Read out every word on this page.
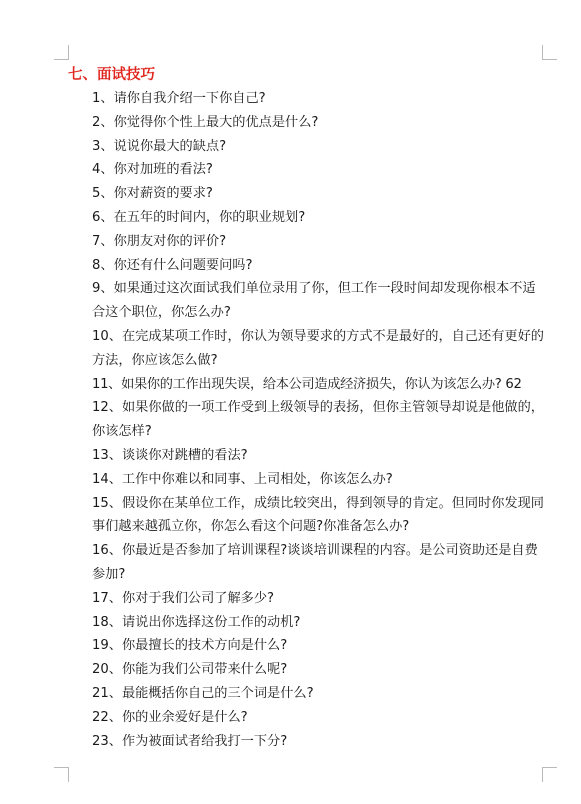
七、面试技巧
1、请你自我介绍一下你自己?
2、你觉得你个性上最大的优点是什么?
3、说说你最大的缺点?
4、你对加班的看法?
5、你对薪资的要求?
6、在五年的时间内，你的职业规划?
7、你朋友对你的评价?
8、你还有什么问题要问吗?
9、如果通过这次面试我们单位录用了你，但工作一段时间却发现你根本不适合这个职位，你怎么办?
10、在完成某项工作时，你认为领导要求的方式不是最好的，自己还有更好的方法，你应该怎么做?
11、如果你的工作出现失误，给本公司造成经济损失，你认为该怎么办? 62
12、如果你做的一项工作受到上级领导的表扬，但你主管领导却说是他做的，你该怎样?
13、谈谈你对跳槽的看法?
14、工作中你难以和同事、上司相处，你该怎么办?
15、假设你在某单位工作，成绩比较突出，得到领导的肯定。但同时你发现同事们越来越孤立你，你怎么看这个问题?你准备怎么办?
16、你最近是否参加了培训课程?谈谈培训课程的内容。是公司资助还是自费参加?
17、你对于我们公司了解多少?
18、请说出你选择这份工作的动机?
19、你最擅长的技术方向是什么?
20、你能为我们公司带来什么呢?
21、最能概括你自己的三个词是什么?
22、你的业余爱好是什么?
23、作为被面试者给我打一下分?
